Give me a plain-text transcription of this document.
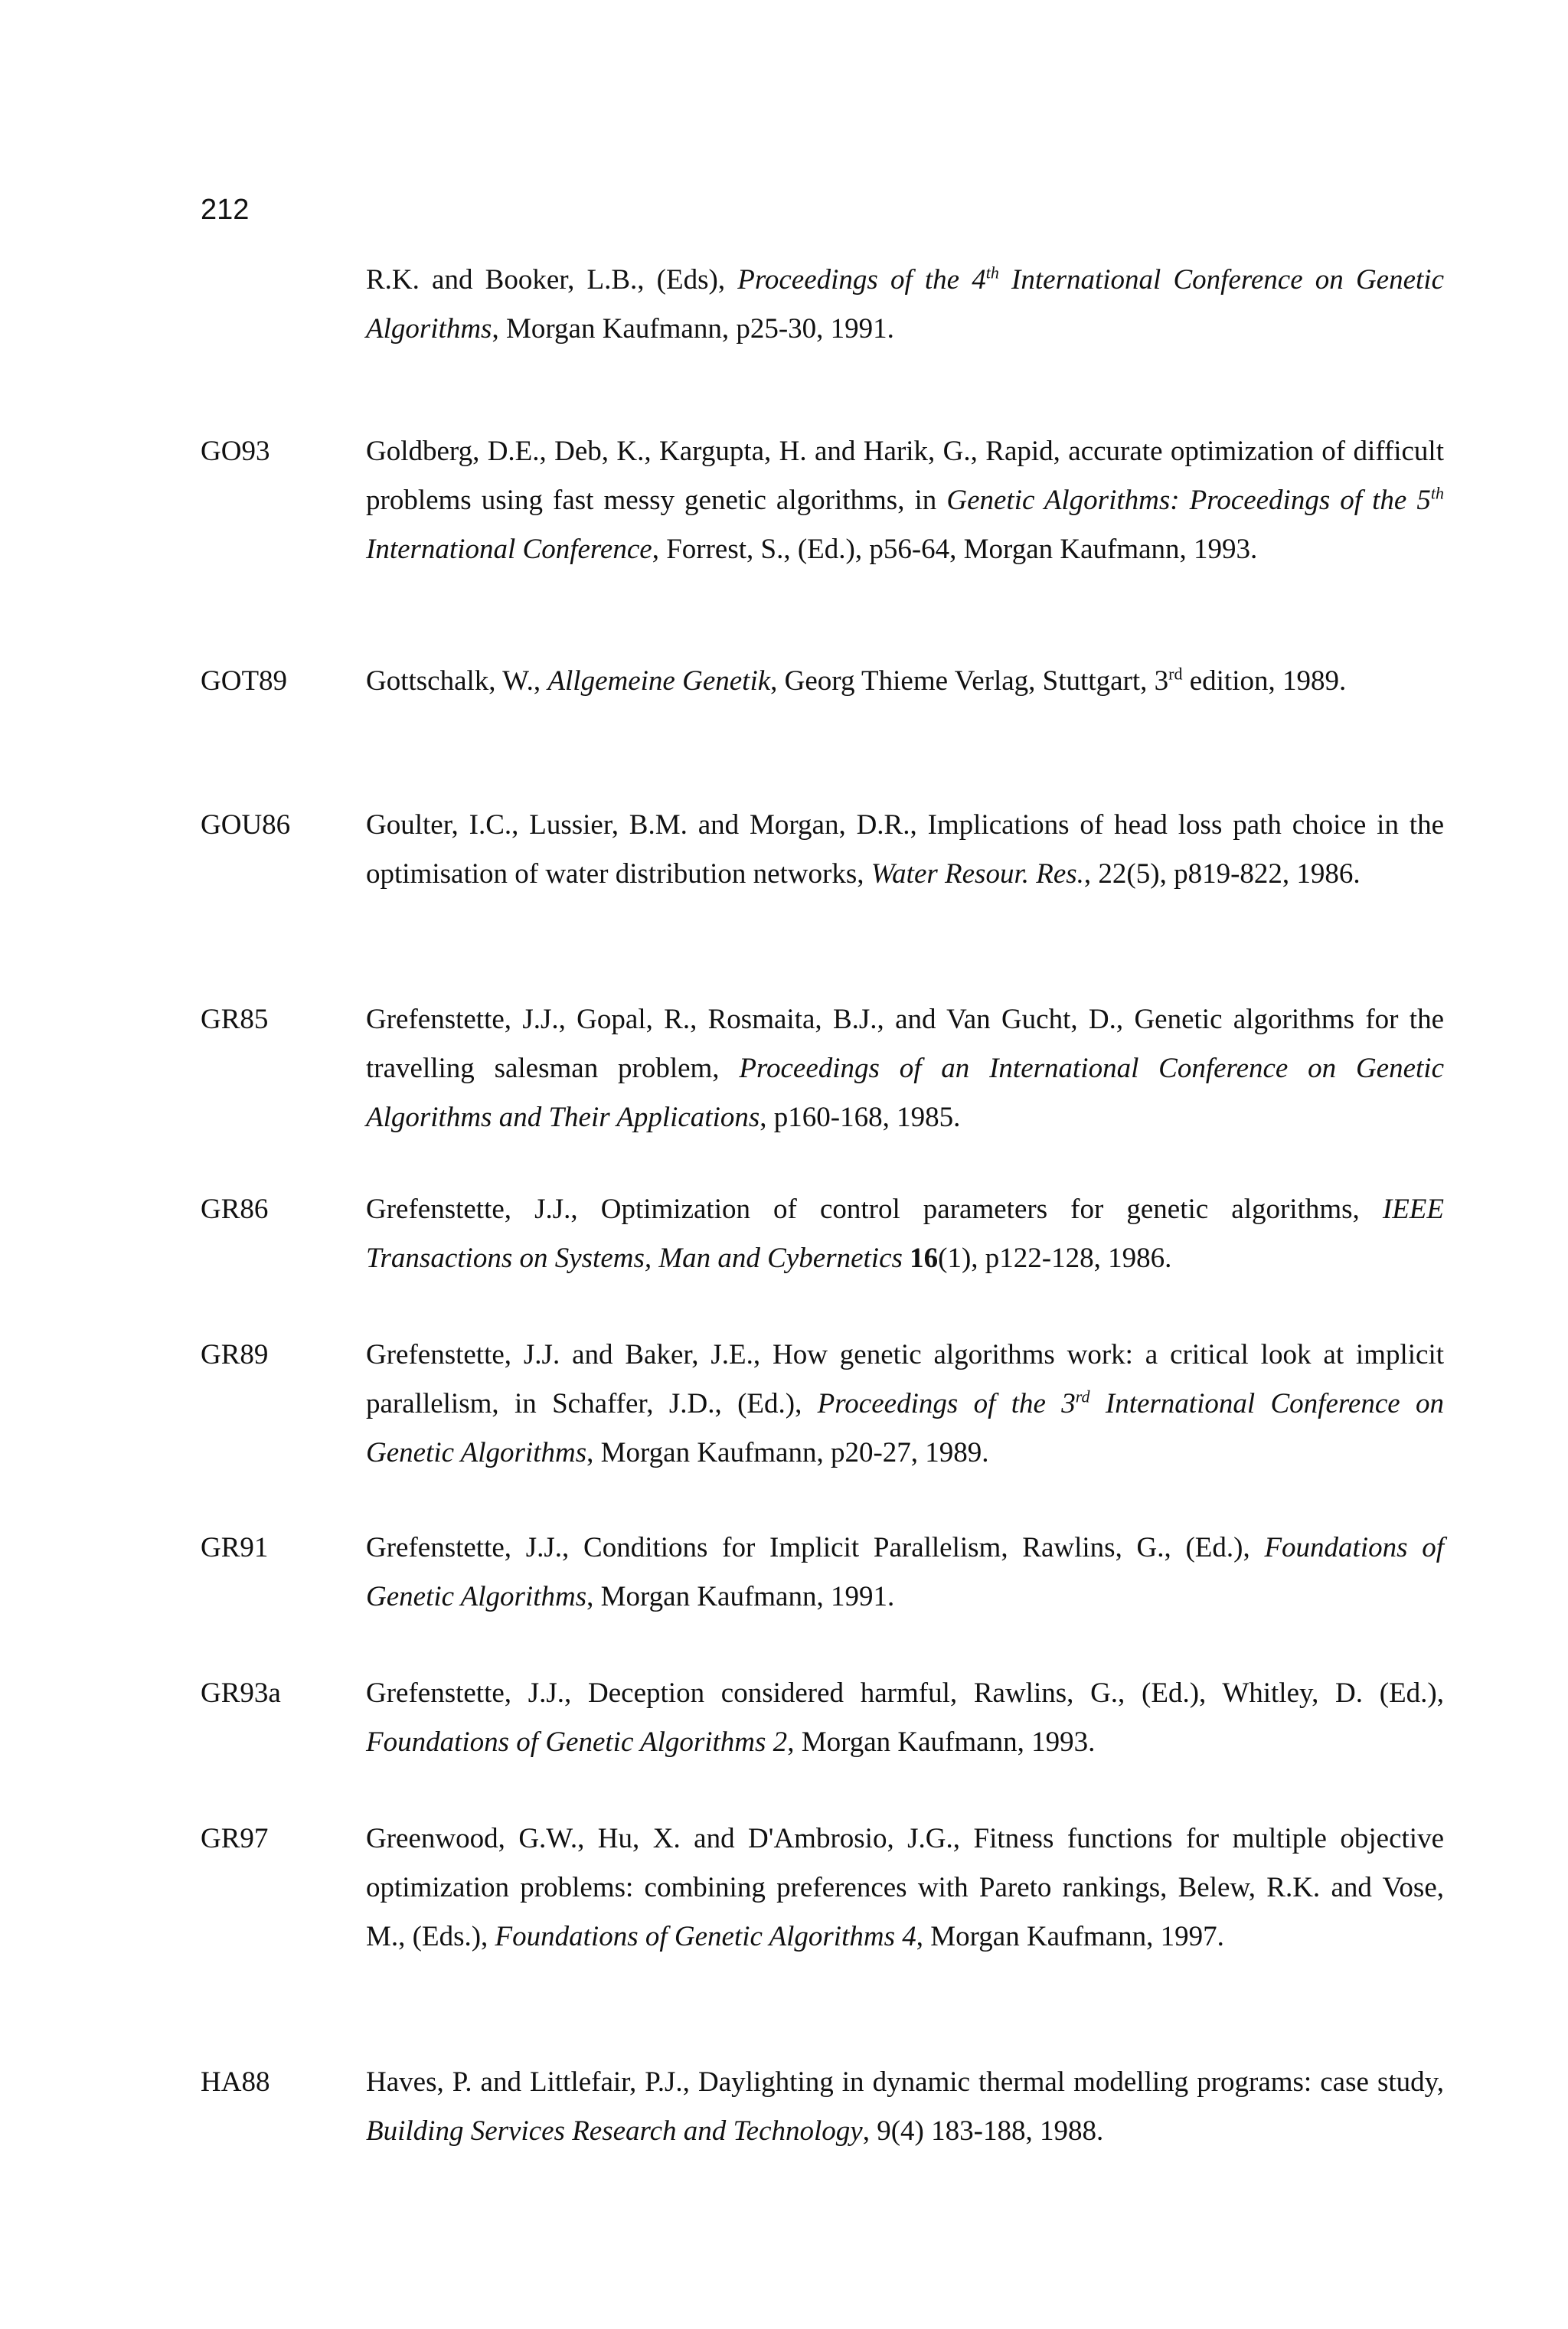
212
R.K. and Booker, L.B., (Eds), Proceedings of the 4th International Conference on Genetic Algorithms, Morgan Kaufmann, p25-30, 1991.
GO93	Goldberg, D.E., Deb, K., Kargupta, H. and Harik, G., Rapid, accurate optimization of difficult problems using fast messy genetic algorithms, in Genetic Algorithms: Proceedings of the 5th International Conference, Forrest, S., (Ed.), p56-64, Morgan Kaufmann, 1993.
GOT89	Gottschalk, W., Allgemeine Genetik, Georg Thieme Verlag, Stuttgart, 3rd edition, 1989.
GOU86	Goulter, I.C., Lussier, B.M. and Morgan, D.R., Implications of head loss path choice in the optimisation of water distribution networks, Water Resour. Res., 22(5), p819-822, 1986.
GR85	Grefenstette, J.J., Gopal, R., Rosmaita, B.J., and Van Gucht, D., Genetic algorithms for the travelling salesman problem, Proceedings of an International Conference on Genetic Algorithms and Their Applications, p160-168, 1985.
GR86	Grefenstette, J.J., Optimization of control parameters for genetic algorithms, IEEE Transactions on Systems, Man and Cybernetics 16(1), p122-128, 1986.
GR89	Grefenstette, J.J. and Baker, J.E., How genetic algorithms work: a critical look at implicit parallelism, in Schaffer, J.D., (Ed.), Proceedings of the 3rd International Conference on Genetic Algorithms, Morgan Kaufmann, p20-27, 1989.
GR91	Grefenstette, J.J., Conditions for Implicit Parallelism, Rawlins, G., (Ed.), Foundations of Genetic Algorithms, Morgan Kaufmann, 1991.
GR93a	Grefenstette, J.J., Deception considered harmful, Rawlins, G., (Ed.), Whitley, D. (Ed.), Foundations of Genetic Algorithms 2, Morgan Kaufmann, 1993.
GR97	Greenwood, G.W., Hu, X. and D'Ambrosio, J.G., Fitness functions for multiple objective optimization problems: combining preferences with Pareto rankings, Belew, R.K. and Vose, M., (Eds.), Foundations of Genetic Algorithms 4, Morgan Kaufmann, 1997.
HA88	Haves, P. and Littlefair, P.J., Daylighting in dynamic thermal modelling programs: case study, Building Services Research and Technology, 9(4) 183-188, 1988.
